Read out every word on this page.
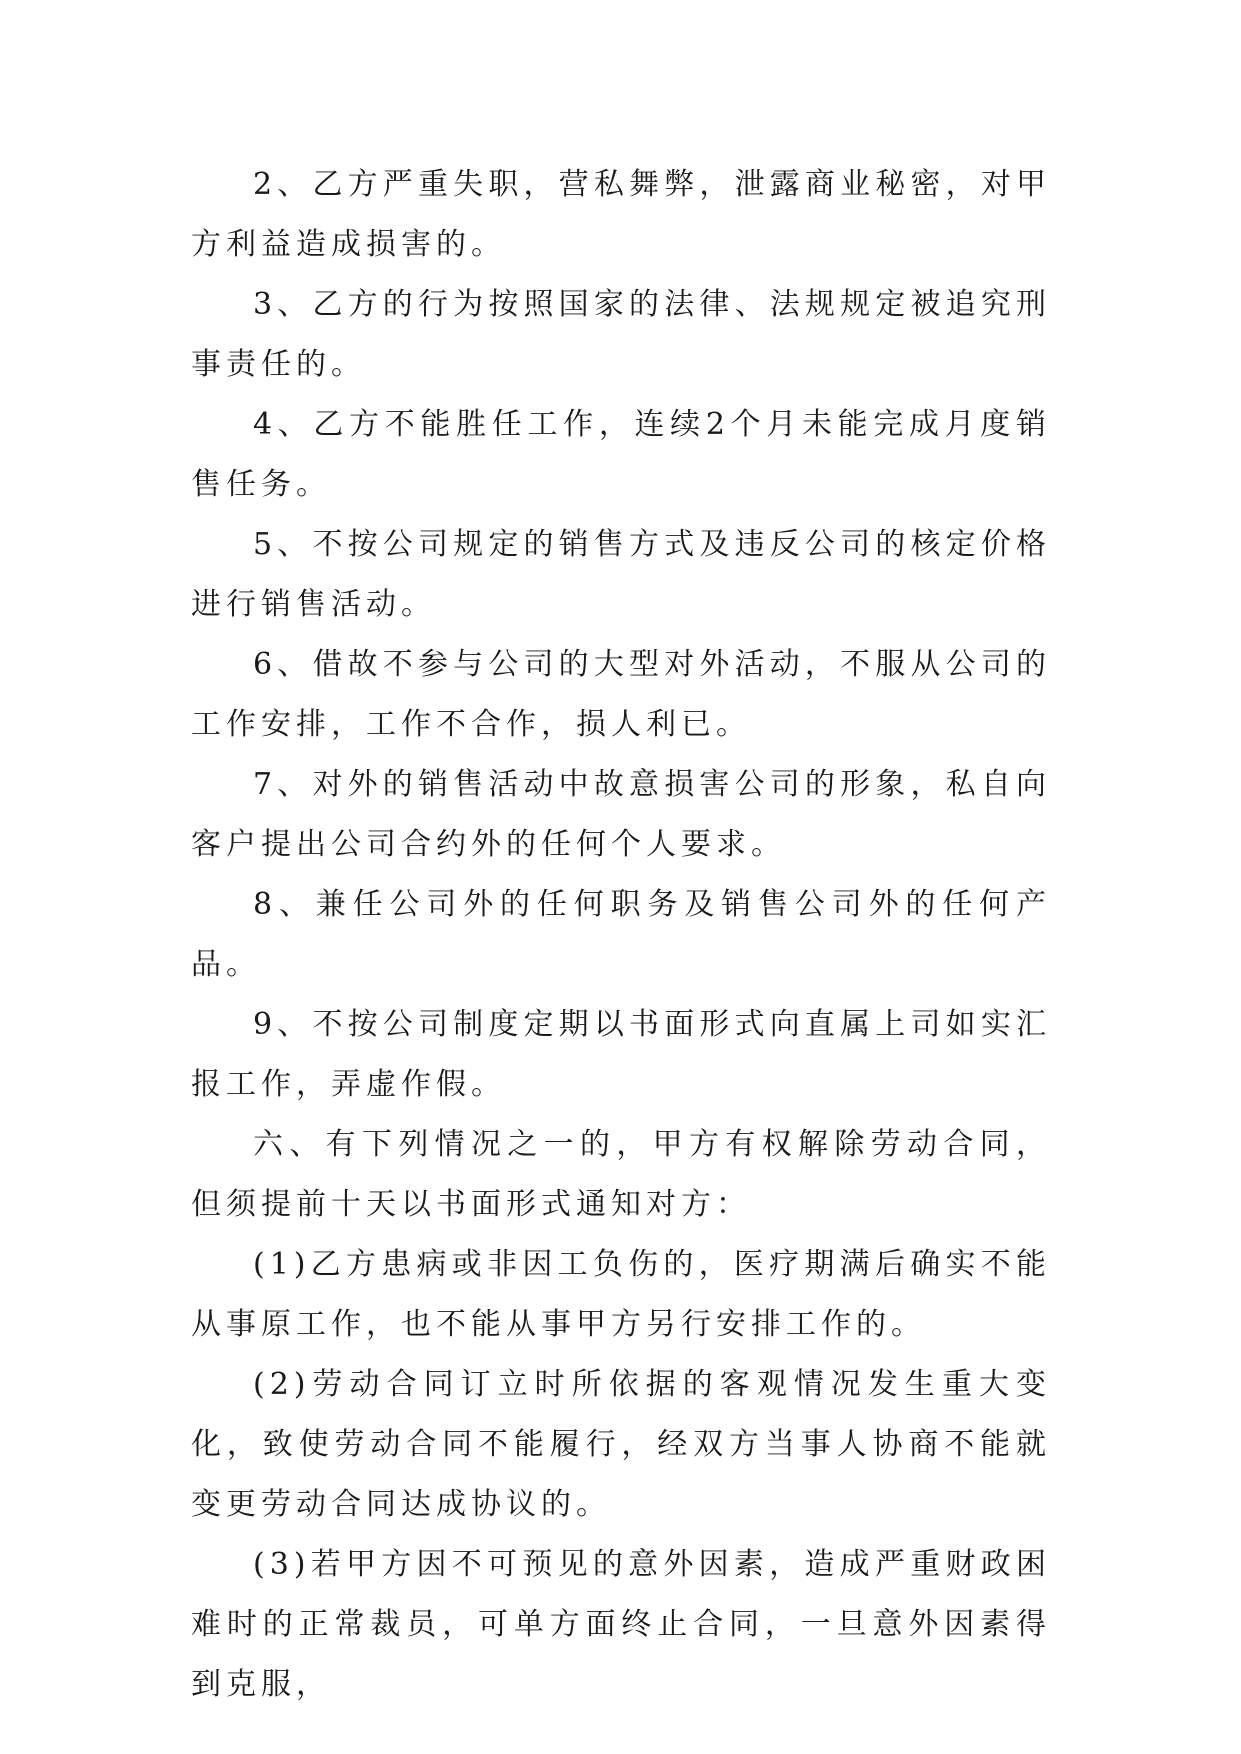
2、乙方严重失职，营私舞弊，泄露商业秘密，对甲方利益造成损害的。

3、乙方的行为按照国家的法律、法规规定被追究刑事责任的。

4、乙方不能胜任工作，连续2个月未能完成月度销售任务。

5、不按公司规定的销售方式及违反公司的核定价格进行销售活动。

6、借故不参与公司的大型对外活动，不服从公司的工作安排，工作不合作，损人利已。

7、对外的销售活动中故意损害公司的形象，私自向客户提出公司合约外的任何个人要求。

8、兼任公司外的任何职务及销售公司外的任何产品。

9、不按公司制度定期以书面形式向直属上司如实汇报工作，弄虚作假。

六、有下列情况之一的，甲方有权解除劳动合同，但须提前十天以书面形式通知对方：

(1)乙方患病或非因工负伤的，医疗期满后确实不能从事原工作，也不能从事甲方另行安排工作的。

(2)劳动合同订立时所依据的客观情况发生重大变化，致使劳动合同不能履行，经双方当事人协商不能就变更劳动合同达成协议的。

(3)若甲方因不可预见的意外因素，造成严重财政困难时的正常裁员，可单方面终止合同，一旦意外因素得到克服，
